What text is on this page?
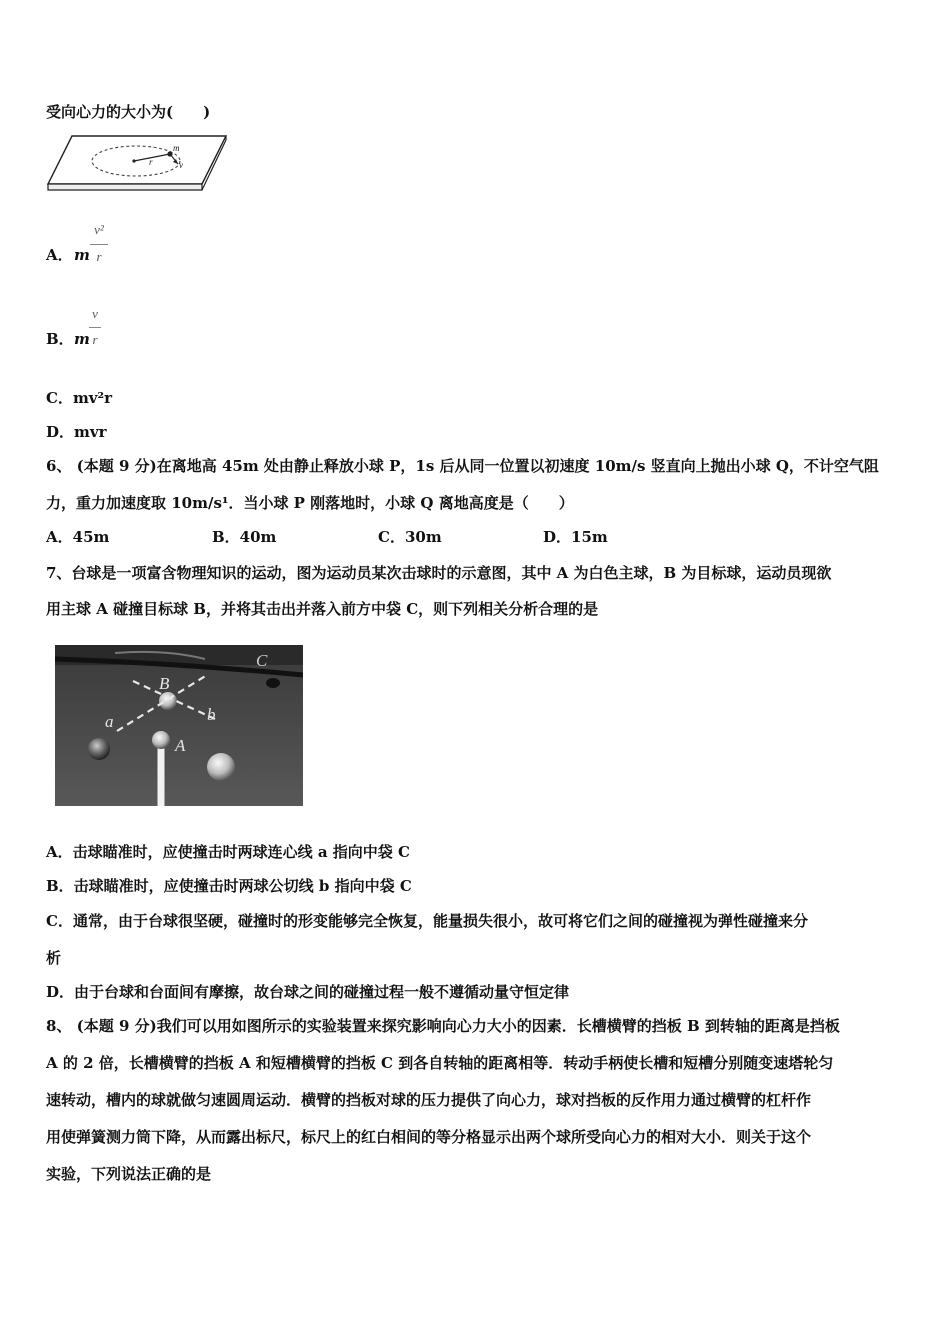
受向心力的大小为(　　)
r
m
v
A． m
v²
r
B． m
v
r
C．mv²r
D．mvr
6、 (本题 9 分)在离地高 45m 处由静止释放小球 P，1s 后从同一位置以初速度 10m/s 竖直向上抛出小球 Q，不计空气阻
力，重力加速度取 10m/s¹．当小球 P 刚落地时，小球 Q 离地高度是（　　）
A．45m	B．40m	C．30m	D．15m
7、台球是一项富含物理知识的运动，图为运动员某次击球时的示意图，其中 A 为白色主球，B 为目标球，运动员现欲
用主球 A 碰撞目标球 B，并将其击出并落入前方中袋 C，则下列相关分析合理的是
a	b
B
A
C
A．击球瞄准时，应使撞击时两球连心线 a 指向中袋 C
B．击球瞄准时，应使撞击时两球公切线 b 指向中袋 C
C．通常，由于台球很坚硬，碰撞时的形变能够完全恢复，能量损失很小，故可将它们之间的碰撞视为弹性碰撞来分
析
D．由于台球和台面间有摩擦，故台球之间的碰撞过程一般不遵循动量守恒定律
8、 (本题 9 分)我们可以用如图所示的实验装置来探究影响向心力大小的因素．长槽横臂的挡板 B 到转轴的距离是挡板
A 的 2 倍，长槽横臂的挡板 A 和短槽横臂的挡板 C 到各自转轴的距离相等．转动手柄使长槽和短槽分别随变速塔轮匀
速转动，槽内的球就做匀速圆周运动．横臂的挡板对球的压力提供了向心力，球对挡板的反作用力通过横臂的杠杆作
用使弹簧测力筒下降，从而露出标尺，标尺上的红白相间的等分格显示出两个球所受向心力的相对大小．则关于这个
实验，下列说法正确的是
